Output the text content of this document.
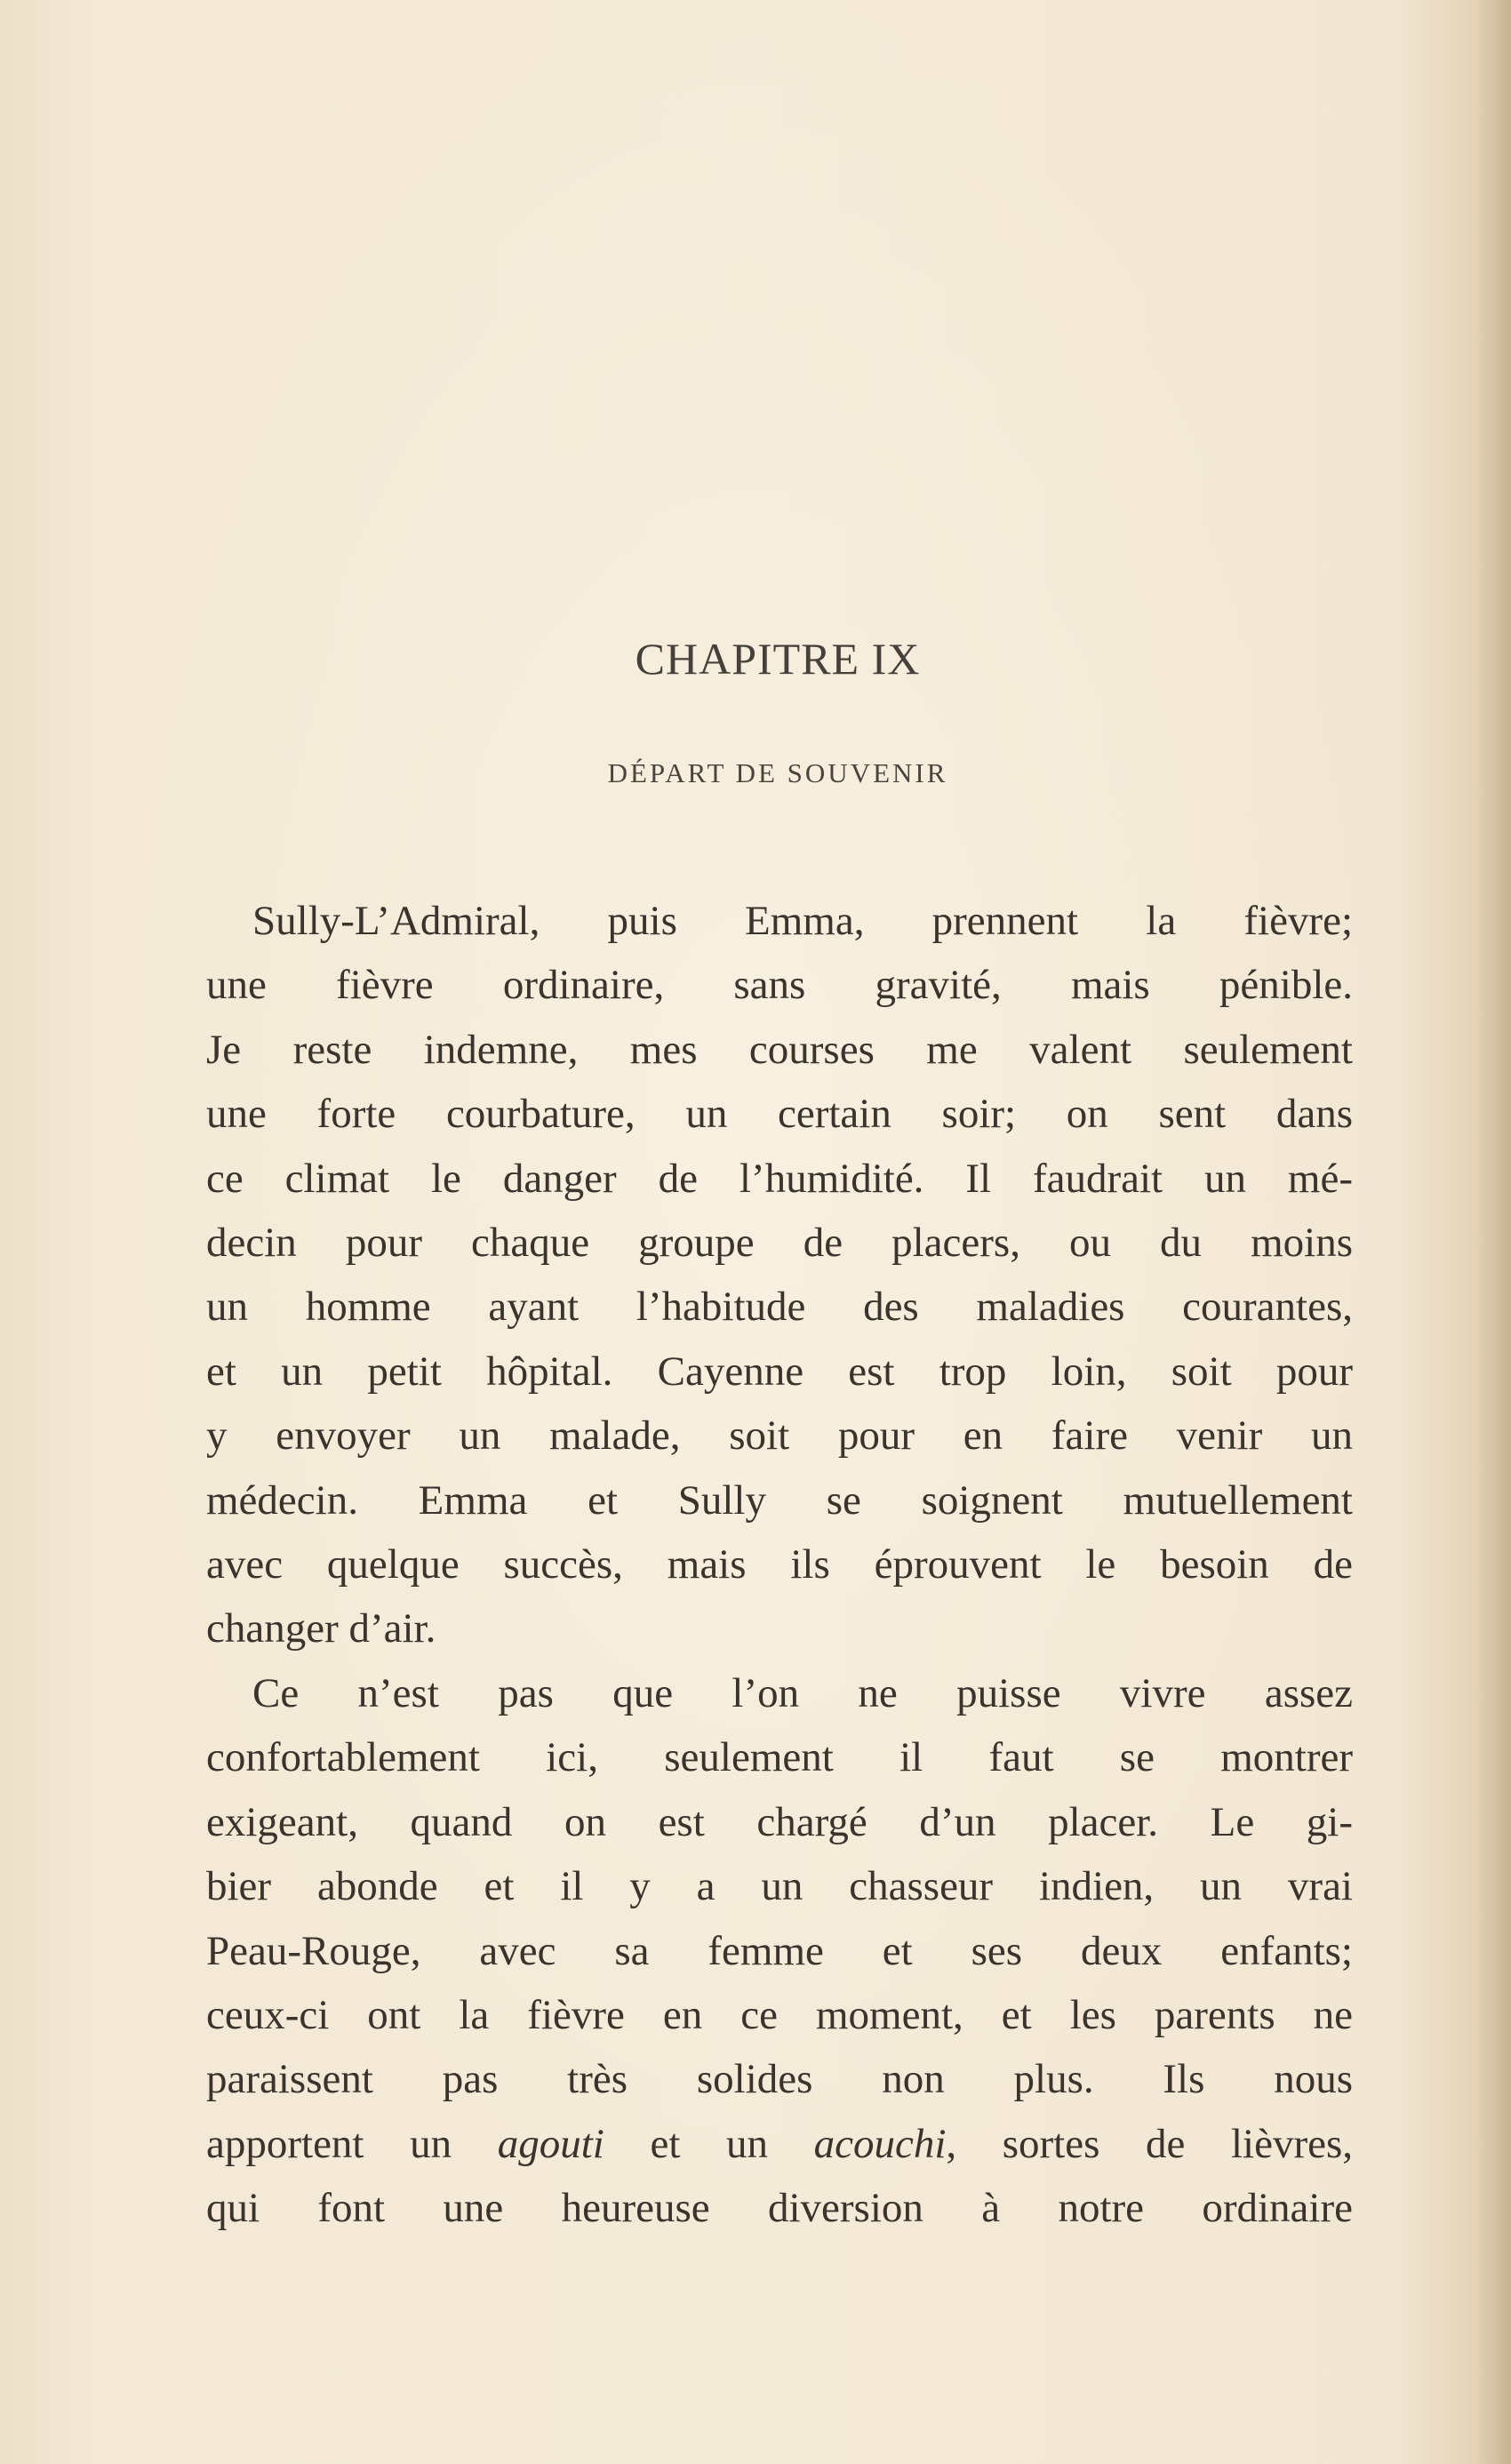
CHAPITRE IX
DÉPART DE SOUVENIR
Sully-L’Admiral, puis Emma, prennent la fièvre;
une fièvre ordinaire, sans gravité, mais pénible.
Je reste indemne, mes courses me valent seulement
une forte courbature, un certain soir; on sent dans
ce climat le danger de l’humidité. Il faudrait un mé-
decin pour chaque groupe de placers, ou du moins
un homme ayant l’habitude des maladies courantes,
et un petit hôpital. Cayenne est trop loin, soit pour
y envoyer un malade, soit pour en faire venir un
médecin. Emma et Sully se soignent mutuellement
avec quelque succès, mais ils éprouvent le besoin de
changer d’air.
Ce n’est pas que l’on ne puisse vivre assez
confortablement ici, seulement il faut se montrer
exigeant, quand on est chargé d’un placer. Le gi-
bier abonde et il y a un chasseur indien, un vrai
Peau-Rouge, avec sa femme et ses deux enfants;
ceux-ci ont la fièvre en ce moment, et les parents ne
paraissent pas très solides non plus. Ils nous
apportent un agouti et un acouchi, sortes de lièvres,
qui font une heureuse diversion à notre ordinaire
